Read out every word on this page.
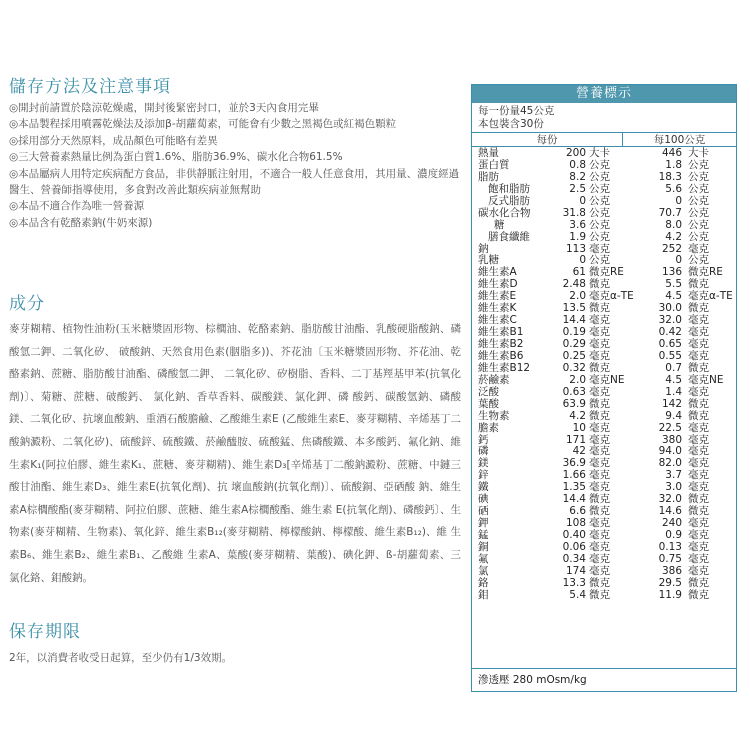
儲存方法及注意事項
◎開封前請置於陰涼乾燥處，開封後緊密封口，並於3天內食用完畢
◎本品製程採用噴霧乾燥法及添加β-胡蘿蔔素，可能會有少數之黑褐色或紅褐色顆粒
◎採用部分天然原料，成品顏色可能略有差異
◎三大營養素熱量比例為蛋白質1.6%、脂肪36.9%、碳水化合物61.5%
◎本品屬病人用特定疾病配方食品，非供靜脈注射用，不適合一般人任意食用，其用量、濃度經過醫生、營養師指導使用，多食對改善此類疾病並無幫助
◎本品不適合作為唯一營養源
◎本品含有乾酪素鈉(牛奶來源)
成分
麥芽糊精、植物性油粉(玉米糖漿固形物、棕櫚油、乾酪素鈉、脂肪酸甘油酯、乳酸硬脂酸鈉、磷酸氫二鉀、二氧化矽、 破酸鈉、天然食用色素(胭脂多))、芥花油〔玉米糖漿固形物、芥花油、乾酪素鈉、蔗糖、脂肪酸甘油酯、磷酸氫二鉀、 二氧化矽、矽樹脂、香料、二丁基羥基甲苯(抗氧化劑)〕、菊糖、蔗糖、破酸鈣、 氯化鈉、香草香料、碳酸鎂、氯化鉀、磷 酸鈣、碳酸氫鈉、磷酸鎂、二氧化矽、抗壞血酸鈉、重酒石酸膽鹼、乙酸維生素E (乙酸維生素E、麥芽糊精、辛烯基丁二酸鈉澱粉、二氧化矽)、硫酸鋅、硫酸鐵、菸鹼醯胺、硫酸錳、焦磷酸鐵、本多酸鈣、氟化鈉、維生素K₁(阿拉伯膠、維生素K₁、蔗糖、麥芽糊精)、維生素D₃[辛烯基丁二酸鈉澱粉、蔗糖、中鏈三酸甘油酯、維生素D₃、維生素E(抗氧化劑)、抗 壞血酸鈉(抗氧化劑)〕、硫酸銅、亞硒酸 鈉、維生素A棕櫚酸酯(麥芽糊精、阿拉伯膠、蔗糖、維生素A棕櫚酸酯、維生素 E(抗氧化劑)、磷酸鈣〕、生物素(麥芽糊精、生物素)、氧化鋅、維生素B₁₂(麥芽糊精、檸檬酸鈉、檸檬酸、維生素B₁₂)、維 生素B₆、維生素B₂、維生素B₁、乙酸維 生素A、葉酸(麥芽糊精、葉酸)、碘化鉀、ß-胡蘿蔔素、三氯化鉻、鉬酸鈉。
保存期限
2年，以消費者收受日起算，至少仍有1/3效期。
營養標示
每一份量45公克
本包裝含30份
每份	每100公克
熱量	200 大卡	446 大卡
蛋白質	0.8 公克	1.8 公克
脂肪	8.2 公克	18.3 公克
飽和脂肪	2.5 公克	5.6 公克
反式脂肪	0 公克	0 公克
碳水化合物	31.8 公克	70.7 公克
糖	3.6 公克	8.0 公克
膳食纖維	1.9 公克	4.2 公克
鈉	113 毫克	252 毫克
乳糖	0 公克	0 公克
維生素A	61 微克RE	136 微克RE
維生素D	2.48 微克	5.5 微克
維生素E	2.0 毫克α-TE	4.5 毫克α-TE
維生素K	13.5 微克	30.0 微克
維生素C	14.4 毫克	32.0 毫克
維生素B1	0.19 毫克	0.42 毫克
維生素B2	0.29 毫克	0.65 毫克
維生素B6	0.25 毫克	0.55 毫克
維生素B12	0.32 微克	0.7 微克
菸鹼素	2.0 毫克NE	4.5 毫克NE
泛酸	0.63 毫克	1.4 毫克
葉酸	63.9 微克	142 微克
生物素	4.2 微克	9.4 微克
膽素	10 毫克	22.5 毫克
鈣	171 毫克	380 毫克
磷	42 毫克	94.0 毫克
鎂	36.9 毫克	82.0 毫克
鋅	1.66 毫克	3.7 毫克
鐵	1.35 毫克	3.0 毫克
碘	14.4 微克	32.0 微克
硒	6.6 微克	14.6 微克
鉀	108 毫克	240 毫克
錳	0.40 毫克	0.9 毫克
銅	0.06 毫克	0.13 毫克
氟	0.34 毫克	0.75 毫克
氯	174 毫克	386 毫克
鉻	13.3 微克	29.5 微克
鉬	5.4 微克	11.9 微克
滲透壓 280 mOsm/kg
